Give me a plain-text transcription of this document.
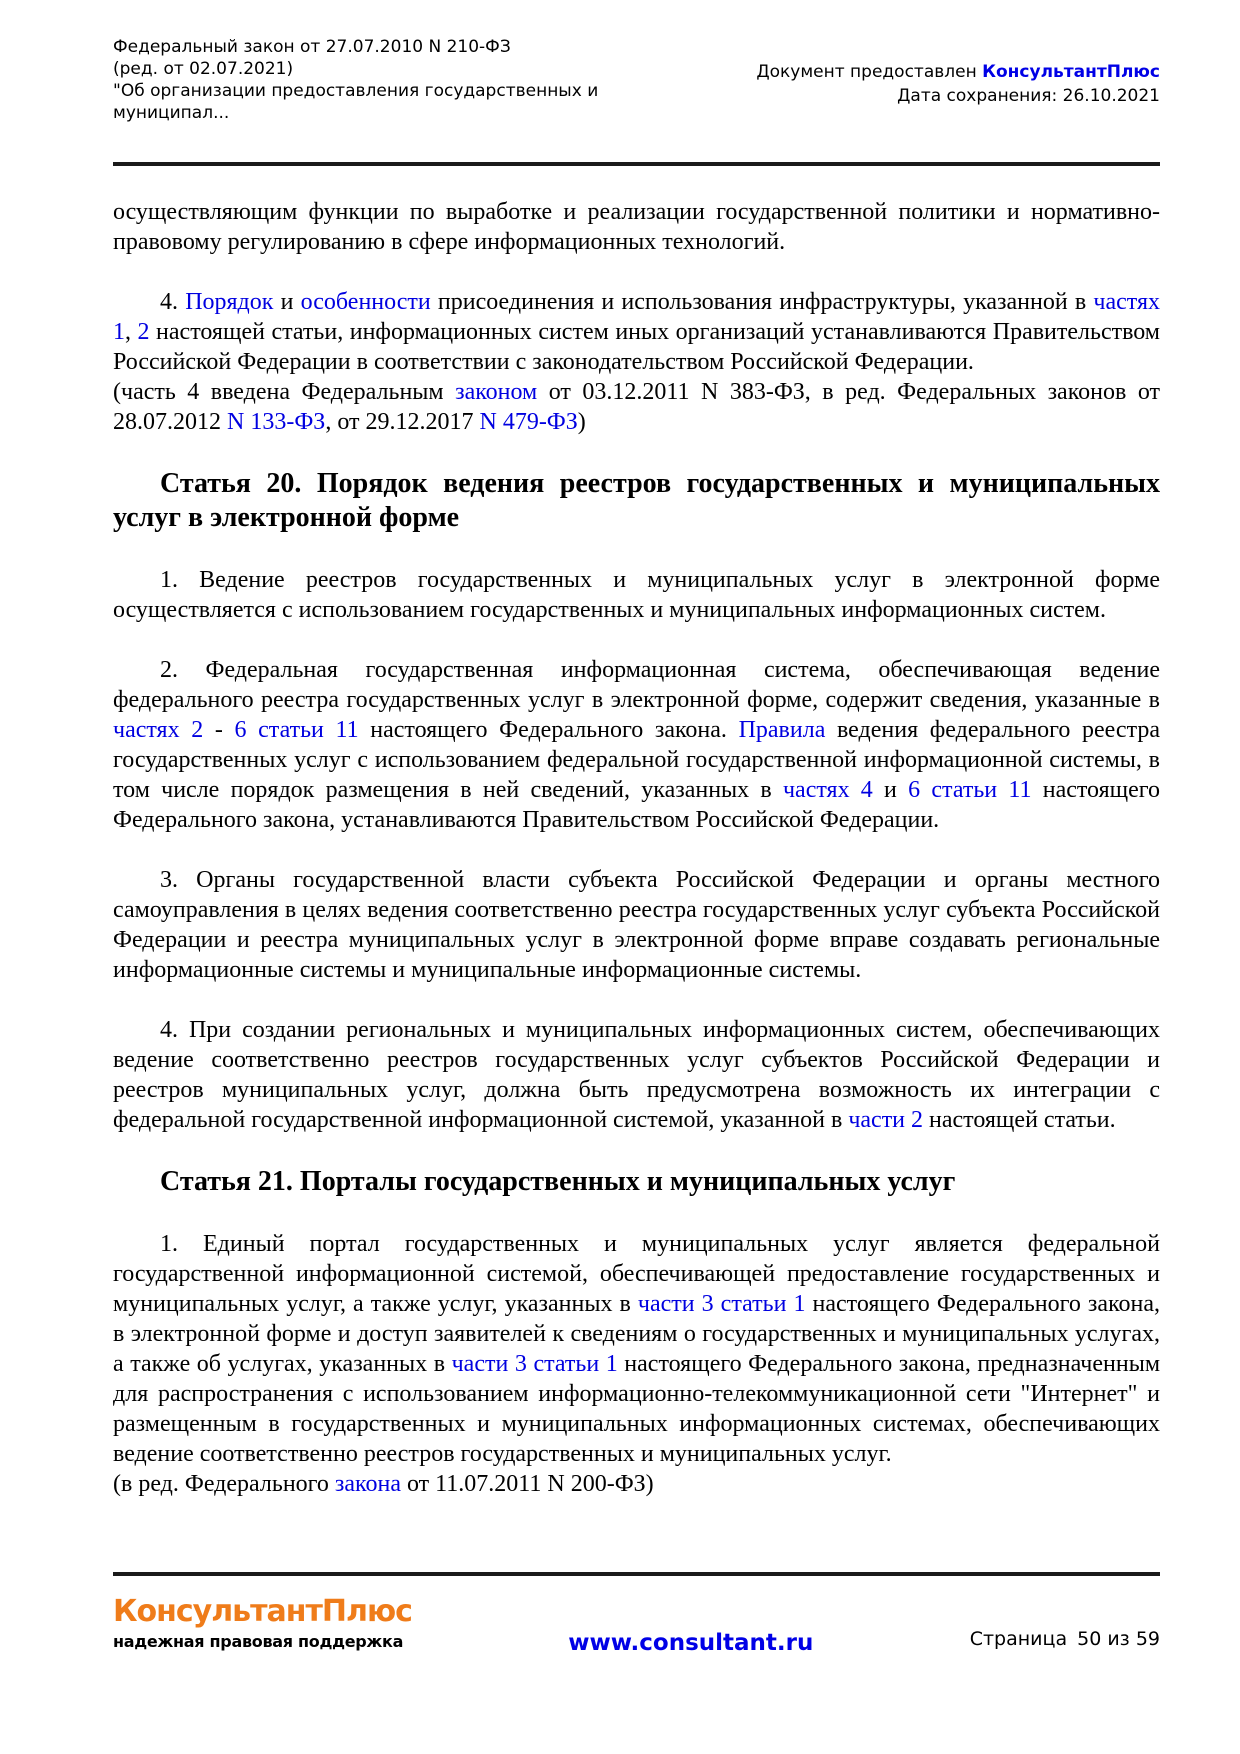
Федеральный закон от 27.07.2010 N 210-ФЗ
(ред. от 02.07.2021)
"Об организации предоставления государственных и
муниципал...
Документ предоставлен КонсультантПлюс
Дата сохранения: 26.10.2021

осуществляющим функции по выработке и реализации государственной политики и нормативно-правовому регулированию в сфере информационных технологий.

4. Порядок и особенности присоединения и использования инфраструктуры, указанной в частях 1, 2 настоящей статьи, информационных систем иных организаций устанавливаются Правительством Российской Федерации в соответствии с законодательством Российской Федерации.

(часть 4 введена Федеральным законом от 03.12.2011 N 383-ФЗ, в ред. Федеральных законов от 28.07.2012 N 133-ФЗ, от 29.12.2017 N 479-ФЗ)

Статья 20. Порядок ведения реестров государственных и муниципальных услуг в электронной форме

1. Ведение реестров государственных и муниципальных услуг в электронной форме осуществляется с использованием государственных и муниципальных информационных систем.

2. Федеральная государственная информационная система, обеспечивающая ведение федерального реестра государственных услуг в электронной форме, содержит сведения, указанные в частях 2 - 6 статьи 11 настоящего Федерального закона. Правила ведения федерального реестра государственных услуг с использованием федеральной государственной информационной системы, в том числе порядок размещения в ней сведений, указанных в частях 4 и 6 статьи 11 настоящего Федерального закона, устанавливаются Правительством Российской Федерации.

3. Органы государственной власти субъекта Российской Федерации и органы местного самоуправления в целях ведения соответственно реестра государственных услуг субъекта Российской Федерации и реестра муниципальных услуг в электронной форме вправе создавать региональные информационные системы и муниципальные информационные системы.

4. При создании региональных и муниципальных информационных систем, обеспечивающих ведение соответственно реестров государственных услуг субъектов Российской Федерации и реестров муниципальных услуг, должна быть предусмотрена возможность их интеграции с федеральной государственной информационной системой, указанной в части 2 настоящей статьи.

Статья 21. Порталы государственных и муниципальных услуг

1. Единый портал государственных и муниципальных услуг является федеральной государственной информационной системой, обеспечивающей предоставление государственных и муниципальных услуг, а также услуг, указанных в части 3 статьи 1 настоящего Федерального закона, в электронной форме и доступ заявителей к сведениям о государственных и муниципальных услугах, а также об услугах, указанных в части 3 статьи 1 настоящего Федерального закона, предназначенным для распространения с использованием информационно-телекоммуникационной сети "Интернет" и размещенным в государственных и муниципальных информационных системах, обеспечивающих ведение соответственно реестров государственных и муниципальных услуг.

(в ред. Федерального закона от 11.07.2011 N 200-ФЗ)

КонсультантПлюс
надежная правовая поддержка	www.consultant.ru	Страница 50 из 59
